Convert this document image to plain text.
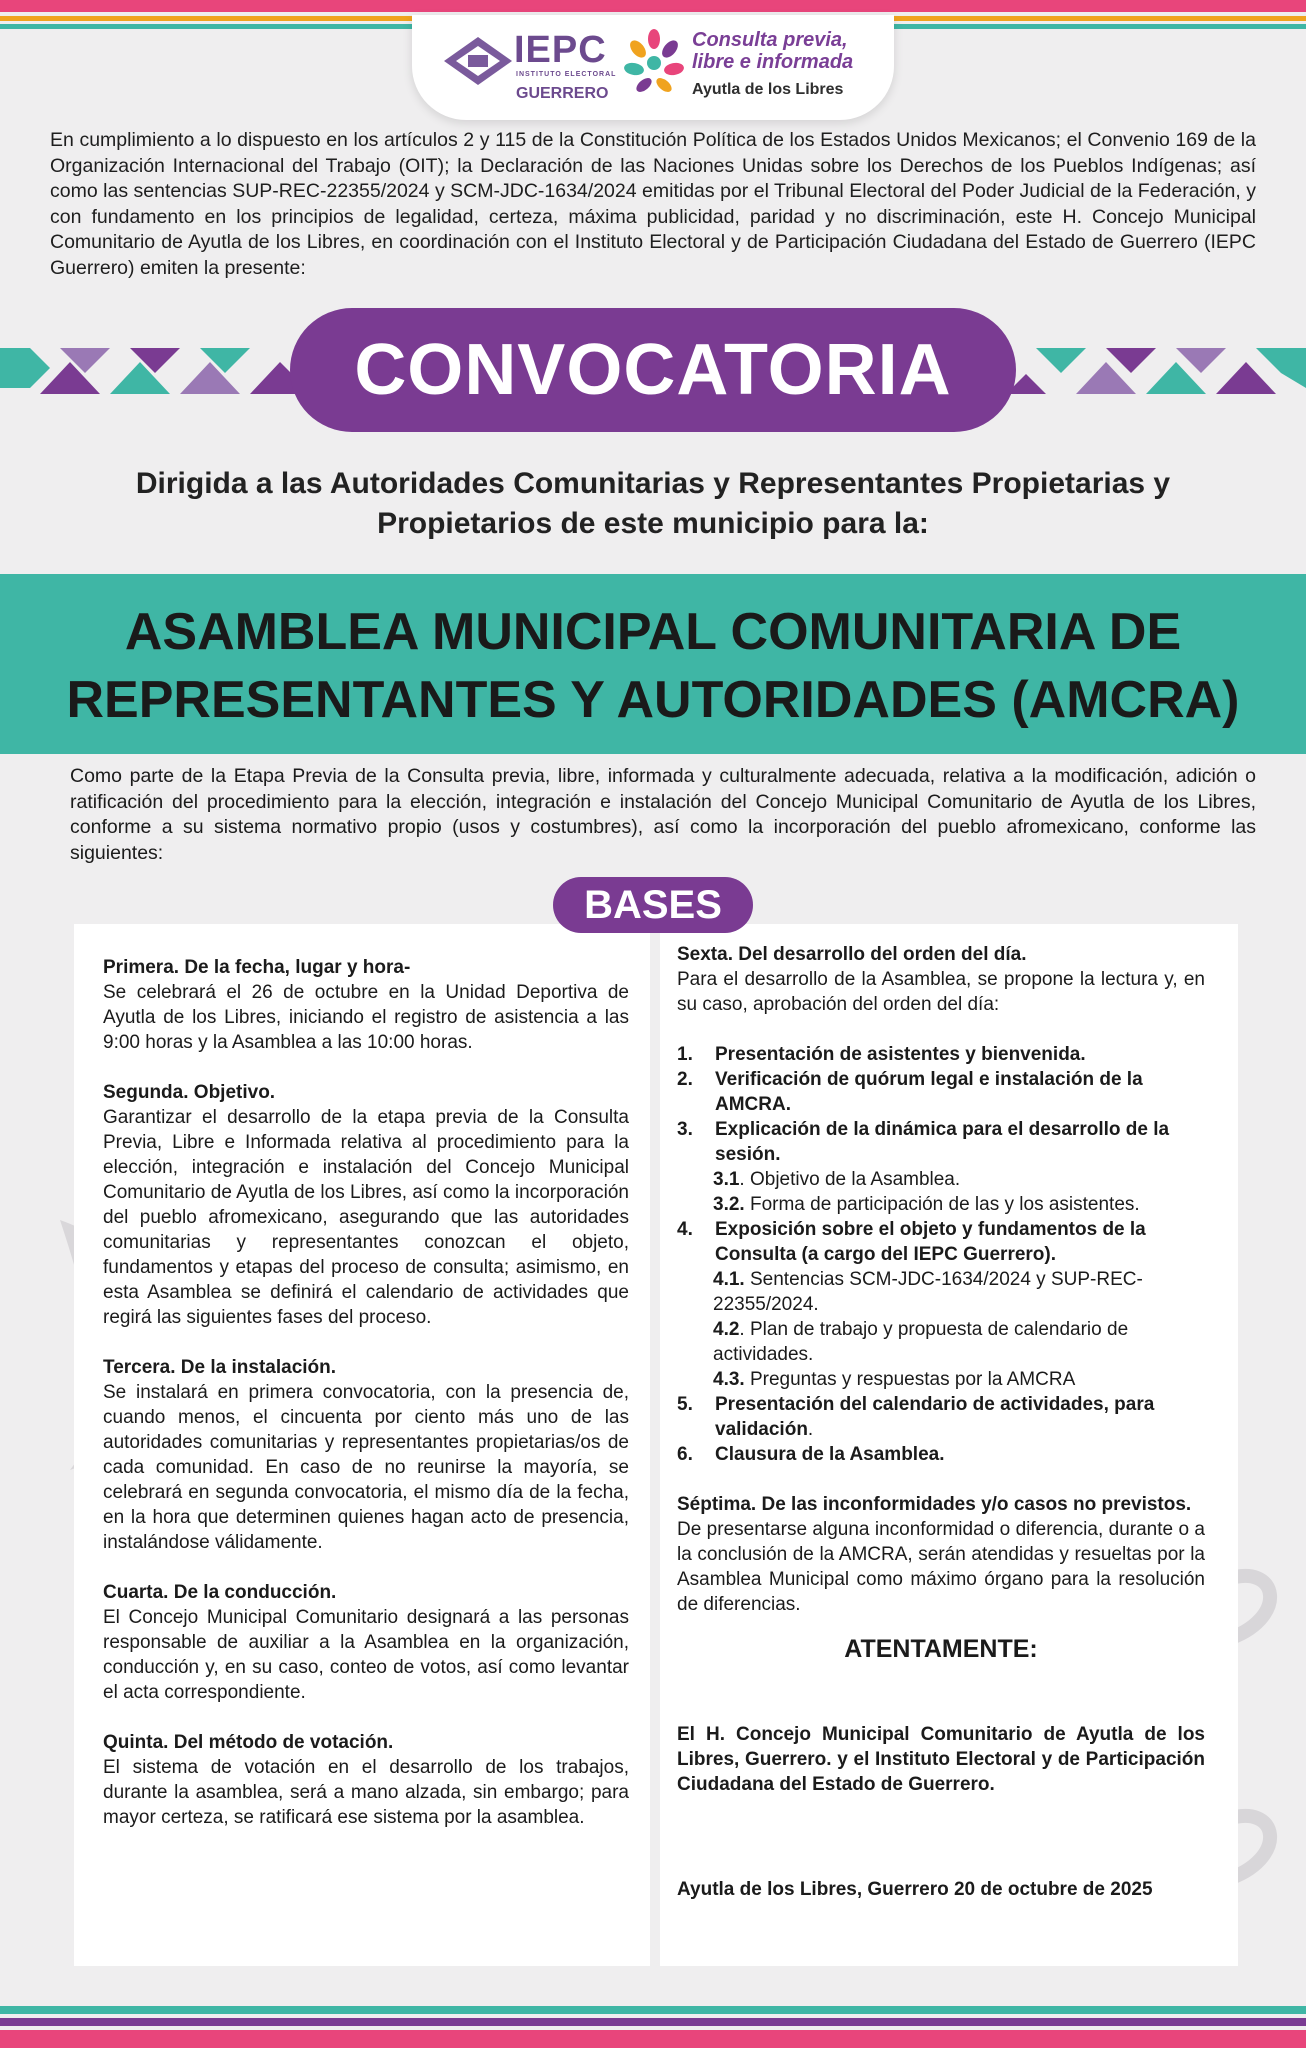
IEPC
INSTITUTO ELECTORAL
GUERRERO
Consulta previa, libre e informada
Ayutla de los Libres
En cumplimiento a lo dispuesto en los artículos 2 y 115 de la Constitución Política de los Estados Unidos Mexicanos; el Convenio 169 de la Organización Internacional del Trabajo (OIT); la Declaración de las Naciones Unidas sobre los Derechos de los Pueblos Indígenas; así como las sentencias SUP-REC-22355/2024 y SCM-JDC-1634/2024 emitidas por el Tribunal Electoral del Poder Judicial de la Federación, y con fundamento en los principios de legalidad, certeza, máxima publicidad, paridad y no discriminación, este H. Concejo Municipal Comunitario de Ayutla de los Libres, en coordinación con el Instituto Electoral y de Participación Ciudadana del Estado de Guerrero (IEPC Guerrero) emiten la presente:
CONVOCATORIA
Dirigida a las Autoridades Comunitarias y Representantes Propietarias y Propietarios de este municipio para la:
ASAMBLEA MUNICIPAL COMUNITARIA DE REPRESENTANTES Y AUTORIDADES (AMCRA)
Como parte de la Etapa Previa de la Consulta previa, libre, informada y culturalmente adecuada, relativa a la modificación, adición o ratificación del procedimiento para la elección, integración e instalación del Concejo Municipal Comunitario de Ayutla de los Libres, conforme a su sistema normativo propio (usos y costumbres), así como la incorporación del pueblo afromexicano, conforme las siguientes:
BASES
Primera. De la fecha, lugar y hora-
Se celebrará el 26 de octubre en la Unidad Deportiva de Ayutla de los Libres, iniciando el registro de asistencia a las 9:00 horas y la Asamblea a las 10:00 horas.
Segunda. Objetivo.
Garantizar el desarrollo de la etapa previa de la Consulta Previa, Libre e Informada relativa al procedimiento para la elección, integración e instalación del Concejo Municipal Comunitario de Ayutla de los Libres, así como la incorporación del pueblo afromexicano, asegurando que las autoridades comunitarias y representantes conozcan el objeto, fundamentos y etapas del proceso de consulta; asimismo, en esta Asamblea se definirá el calendario de actividades que regirá las siguientes fases del proceso.
Tercera. De la instalación.
Se instalará en primera convocatoria, con la presencia de, cuando menos, el cincuenta por ciento más uno de las autoridades comunitarias y representantes propietarias/os de cada comunidad. En caso de no reunirse la mayoría, se celebrará en segunda convocatoria, el mismo día de la fecha, en la hora que determinen quienes hagan acto de presencia, instalándose válidamente.
Cuarta. De la conducción.
El Concejo Municipal Comunitario designará a las personas responsable de auxiliar a la Asamblea en la organización, conducción y, en su caso, conteo de votos, así como levantar el acta correspondiente.
Quinta. Del método de votación.
El sistema de votación en el desarrollo de los trabajos, durante la asamblea, será a mano alzada, sin embargo; para mayor certeza, se ratificará ese sistema por la asamblea.
Sexta. Del desarrollo del orden del día.
Para el desarrollo de la Asamblea, se propone la lectura y, en su caso, aprobación del orden del día:
1.	Presentación de asistentes y bienvenida.
2.	Verificación de quórum legal e instalación de la AMCRA.
3.	Explicación de la dinámica para el desarrollo de la sesión.
3.1. Objetivo de la Asamblea.
3.2. Forma de participación de las y los asistentes.
4.	Exposición sobre el objeto y fundamentos de la Consulta (a cargo del IEPC Guerrero).
4.1. Sentencias SCM-JDC-1634/2024 y SUP-REC-22355/2024.
4.2. Plan de trabajo y propuesta de calendario de actividades.
4.3. Preguntas y respuestas por la AMCRA
5.	Presentación del calendario de actividades, para validación.
6.	Clausura de la Asamblea.
Séptima. De las inconformidades y/o casos no previstos.
De presentarse alguna inconformidad o diferencia, durante o a la conclusión de la AMCRA, serán atendidas y resueltas por la Asamblea Municipal como máximo órgano para la resolución de diferencias.
ATENTAMENTE:
El H. Concejo Municipal Comunitario de Ayutla de los Libres, Guerrero. y el Instituto Electoral y de Participación Ciudadana del Estado de Guerrero.
Ayutla de los Libres, Guerrero 20 de octubre de 2025
